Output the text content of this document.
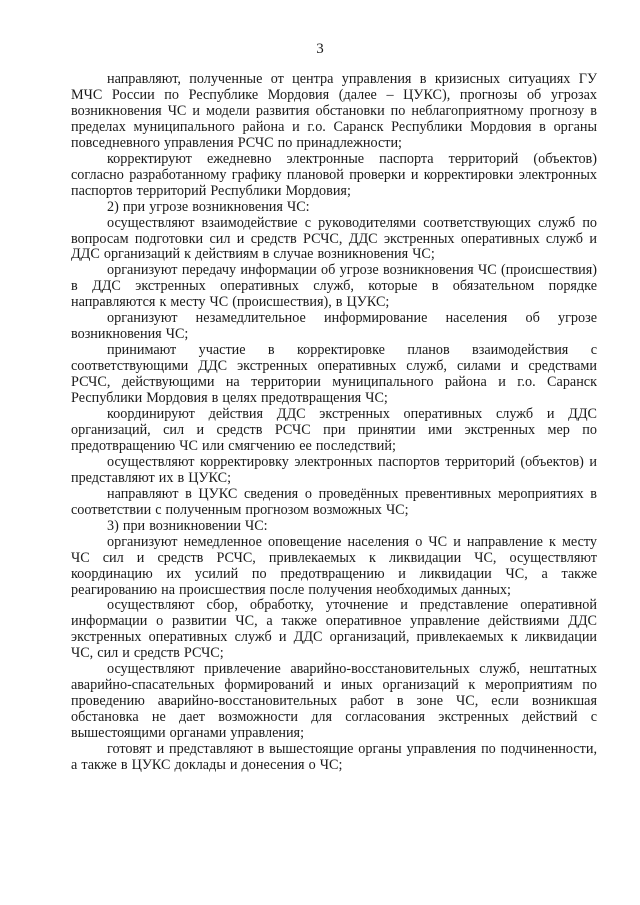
3

направляют, полученные от центра управления в кризисных ситуациях ГУ МЧС России по Республике Мордовия (далее – ЦУКС), прогнозы об угрозах возникновения ЧС и модели развития обстановки по неблагоприятному прогнозу в пределах муниципального района и г.о. Саранск Республики Мордовия в органы повседневного управления РСЧС по принадлежности;

корректируют ежедневно электронные паспорта территорий (объектов) согласно разработанному графику плановой проверки и корректировки электронных паспортов территорий Республики Мордовия;

2) при угрозе возникновения ЧС:

осуществляют взаимодействие с руководителями соответствующих служб по вопросам подготовки сил и средств РСЧС, ДДС экстренных оперативных служб и ДДС организаций к действиям в случае возникновения ЧС;

организуют передачу информации об угрозе возникновения ЧС (происшествия) в ДДС экстренных оперативных служб, которые в обязательном порядке направляются к месту ЧС (происшествия), в ЦУКС;

организуют незамедлительное информирование населения об угрозе возникновения ЧС;

принимают участие в корректировке планов взаимодействия с соответствующими ДДС экстренных оперативных служб, силами и средствами РСЧС, действующими на территории муниципального района и г.о. Саранск Республики Мордовия в целях предотвращения ЧС;

координируют действия ДДС экстренных оперативных служб и ДДС организаций, сил и средств РСЧС при принятии ими экстренных мер по предотвращению ЧС или смягчению ее последствий;

осуществляют корректировку электронных паспортов территорий (объектов) и представляют их в ЦУКС;

направляют в ЦУКС сведения о проведённых превентивных мероприятиях в соответствии с полученным прогнозом возможных ЧС;

3) при возникновении ЧС:

организуют немедленное оповещение населения о ЧС и направление к месту ЧС сил и средств РСЧС, привлекаемых к ликвидации ЧС, осуществляют координацию их усилий по предотвращению и ликвидации ЧС, а также реагированию на происшествия после получения необходимых данных;

осуществляют сбор, обработку, уточнение и представление оперативной информации о развитии ЧС, а также оперативное управление действиями ДДС экстренных оперативных служб и ДДС организаций, привлекаемых к ликвидации ЧС, сил и средств РСЧС;

осуществляют привлечение аварийно-восстановительных служб, нештатных аварийно-спасательных формирований и иных организаций к мероприятиям по проведению аварийно-восстановительных работ в зоне ЧС, если возникшая обстановка не дает возможности для согласования экстренных действий с вышестоящими органами управления;

готовят и представляют в вышестоящие органы управления по подчиненности, а также в ЦУКС доклады и донесения о ЧС;
